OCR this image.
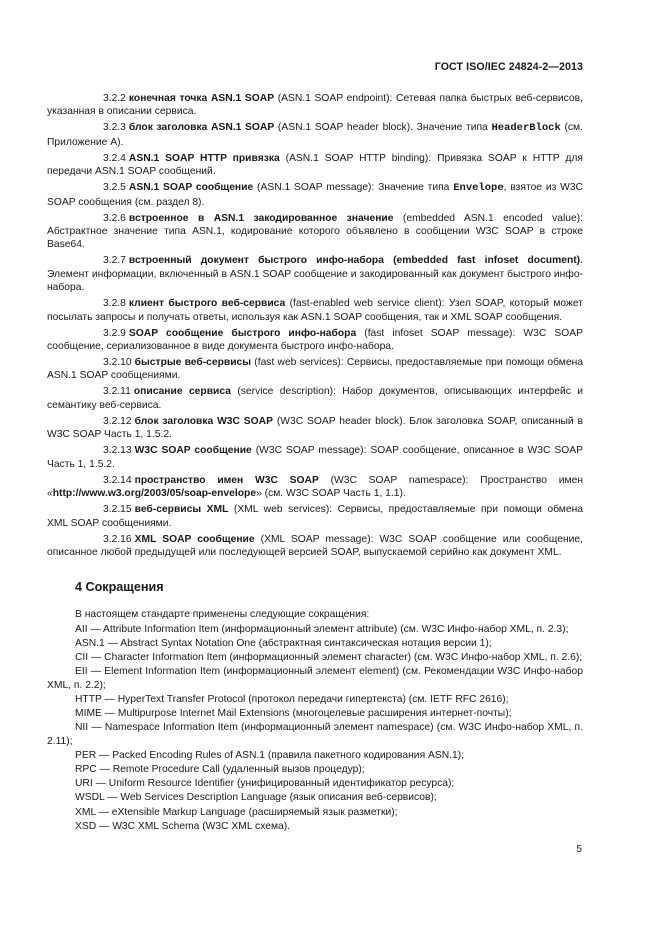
ГОСТ ISO/IEC 24824-2—2013

3.2.2 конечная точка ASN.1 SOAP (ASN.1 SOAP endpoint): Сетевая папка быстрых веб-сервисов, указанная в описании сервиса.

3.2.3 блок заголовка ASN.1 SOAP (ASN.1 SOAP header block). Значение типа HeaderBlock (см. Приложение А).

3.2.4 ASN.1 SOAP HTTP привязка (ASN.1 SOAP HTTP binding): Привязка SOAP к HTTP для передачи ASN.1 SOAP сообщений.

3.2.5 ASN.1 SOAP сообщение (ASN.1 SOAP message): Значение типа Envelope, взятое из W3C SOAP сообщения (см. раздел 8).

3.2.6 встроенное в ASN.1 закодированное значение (embedded ASN.1 encoded value): Абстрактное значение типа ASN.1, кодирование которого объявлено в сообщении W3C SOAP в строке Base64.

3.2.7 встроенный документ быстрого инфо-набора (embedded fast infoset document). Элемент информации, включенный в ASN.1 SOAP сообщение и закодированный как документ быстрого инфо-набора.

3.2.8 клиент быстрого веб-сервиса (fast-enabled web service client): Узел SOAP, который может посылать запросы и получать ответы, используя как ASN.1 SOAP сообщения, так и XML SOAP сообщения.

3.2.9 SOAP сообщение быстрого инфо-набора (fast infoset SOAP message): W3C SOAP сообщение, сериализованное в виде документа быстрого инфо-набора.

3.2.10 быстрые веб-сервисы (fast web services): Сервисы, предоставляемые при помощи обмена ASN.1 SOAP сообщениями.

3.2.11 описание сервиса (service description): Набор документов, описывающих интерфейс и семантику веб-сервиса.

3.2.12 блок заголовка W3C SOAP (W3C SOAP header block). Блок заголовка SOAP, описанный в W3C SOAP Часть 1, 1.5.2.

3.2.13 W3C SOAP сообщение (W3C SOAP message): SOAP сообщение, описанное в W3C SOAP Часть 1, 1.5.2.

3.2.14 пространство имен W3C SOAP (W3C SOAP namespace): Пространство имен «http://www.w3.org/2003/05/soap-envelope» (см. W3C SOAP Часть 1, 1.1).

3.2.15 веб-сервисы XML (XML web services): Сервисы, предоставляемые при помощи обмена XML SOAP сообщениями.

3.2.16 XML SOAP сообщение (XML SOAP message): W3C SOAP сообщение или сообщение, описанное любой предыдущей или последующей версией SOAP, выпускаемой серийно как документ XML.

4 Сокращения

В настоящем стандарте применены следующие сокращения:

AII — Attribute Information Item (информационный элемент attribute) (см. W3C Инфо-набор XML, п. 2.3);

ASN.1 — Abstract Syntax Notation One (абстрактная синтаксическая нотация версии 1);

CII — Character Information Item (информационный элемент character) (см. W3C Инфо-набор XML, п. 2.6);

EII — Element Information Item (информационный элемент element) (см. Рекомендации W3C Инфо-набор XML, п. 2.2);

HTTP — HyperText Transfer Protocol (протокол передачи гипертекста) (см. IETF RFC 2616);

MIME — Multipurpose Internet Mail Extensions (многоцелевые расширения интернет-почты);

NII — Namespace Information Item (информационный элемент namespace) (см. W3C Инфо-набор XML, п. 2.11);

PER — Packed Encoding Rules of ASN.1 (правила пакетного кодирования ASN.1);

RPC — Remote Procedure Call (удаленный вызов процедур);

URI — Uniform Resource Identifier (унифицированный идентификатор ресурса);

WSDL — Web Services Description Language (язык описания веб-сервисов);

XML — eXtensible Markup Language (расширяемый язык разметки);

XSD — W3C XML Schema (W3C XML схема).

5
